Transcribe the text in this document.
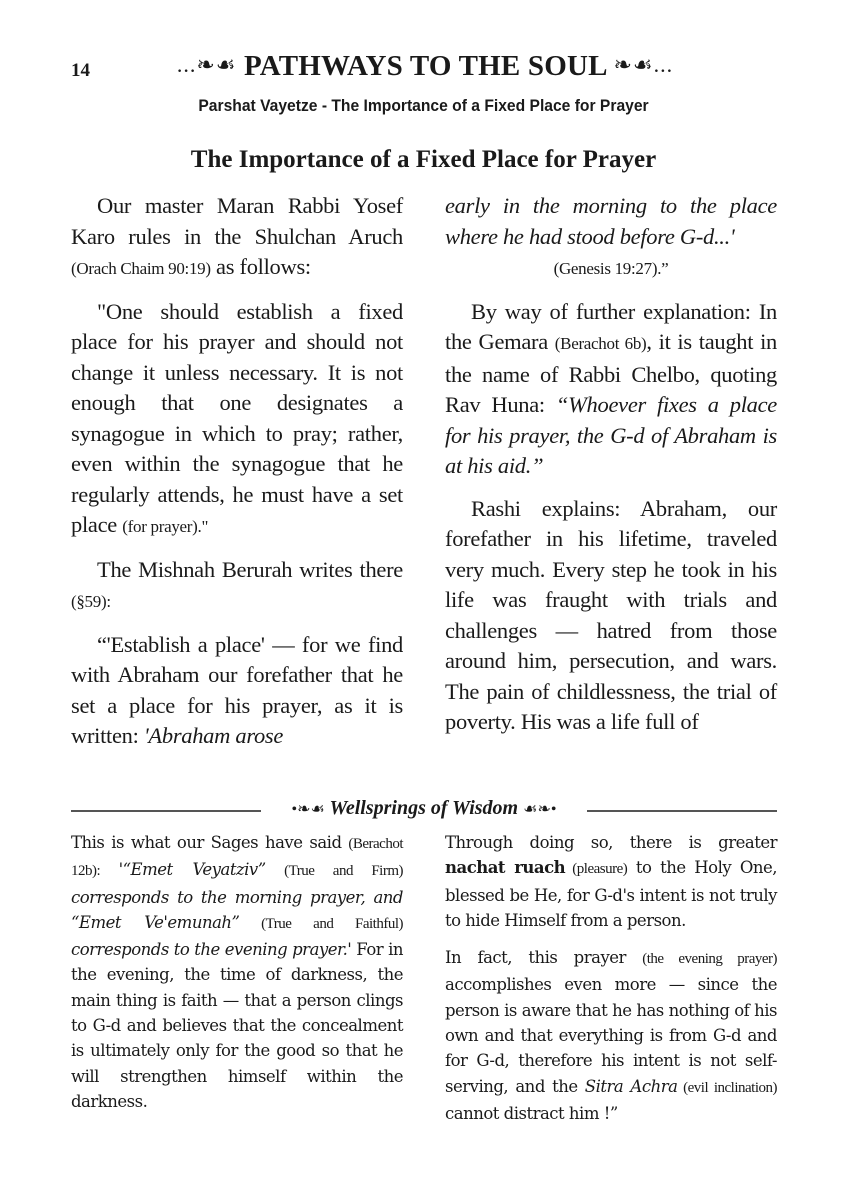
14	...❧☙ PATHWAYS TO THE SOUL ❧☙...
Parshat Vayetze - The Importance of a Fixed Place for Prayer
The Importance of a Fixed Place for Prayer

Our master Maran Rabbi Yosef Karo rules in the Shulchan Aruch (Orach Chaim 90:19) as follows:

"One should establish a fixed place for his prayer and should not change it unless necessary. It is not enough that one designates a synagogue in which to pray; rather, even within the synagogue that he regularly attends, he must have a set place (for prayer)."

The Mishnah Berurah writes there (§59):

“'Establish a place' — for we find with Abraham our forefather that he set a place for his prayer, as it is written: 'Abraham arose

early in the morning to the place where he had stood before G-d...'

(Genesis 19:27).”

By way of further explanation: In the Gemara (Berachot 6b), it is taught in the name of Rabbi Chelbo, quoting Rav Huna: “Whoever fixes a place for his prayer, the G-d of Abraham is at his aid.”

Rashi explains: Abraham, our forefather in his lifetime, traveled very much. Every step he took in his life was fraught with trials and challenges — hatred from those around him, persecution, and wars. The pain of childlessness, the trial of poverty. His was a life full of

•❧☙ Wellsprings of Wisdom ☙❧•

This is what our Sages have said (Berachot 12b): '“Emet Veyatziv” (True and Firm) corresponds to the morning prayer, and “Emet Ve'emunah” (True and Faithful) corresponds to the evening prayer.' For in the evening, the time of darkness, the main thing is faith — that a person clings to G-d and believes that the concealment is ultimately only for the good so that he will strengthen himself within the darkness.

Through doing so, there is greater nachat ruach (pleasure) to the Holy One, blessed be He, for G-d's intent is not truly to hide Himself from a person.

In fact, this prayer (the evening prayer) accomplishes even more — since the person is aware that he has nothing of his own and that everything is from G-d and for G-d, therefore his intent is not self-serving, and the Sitra Achra (evil inclination) cannot distract him !”
